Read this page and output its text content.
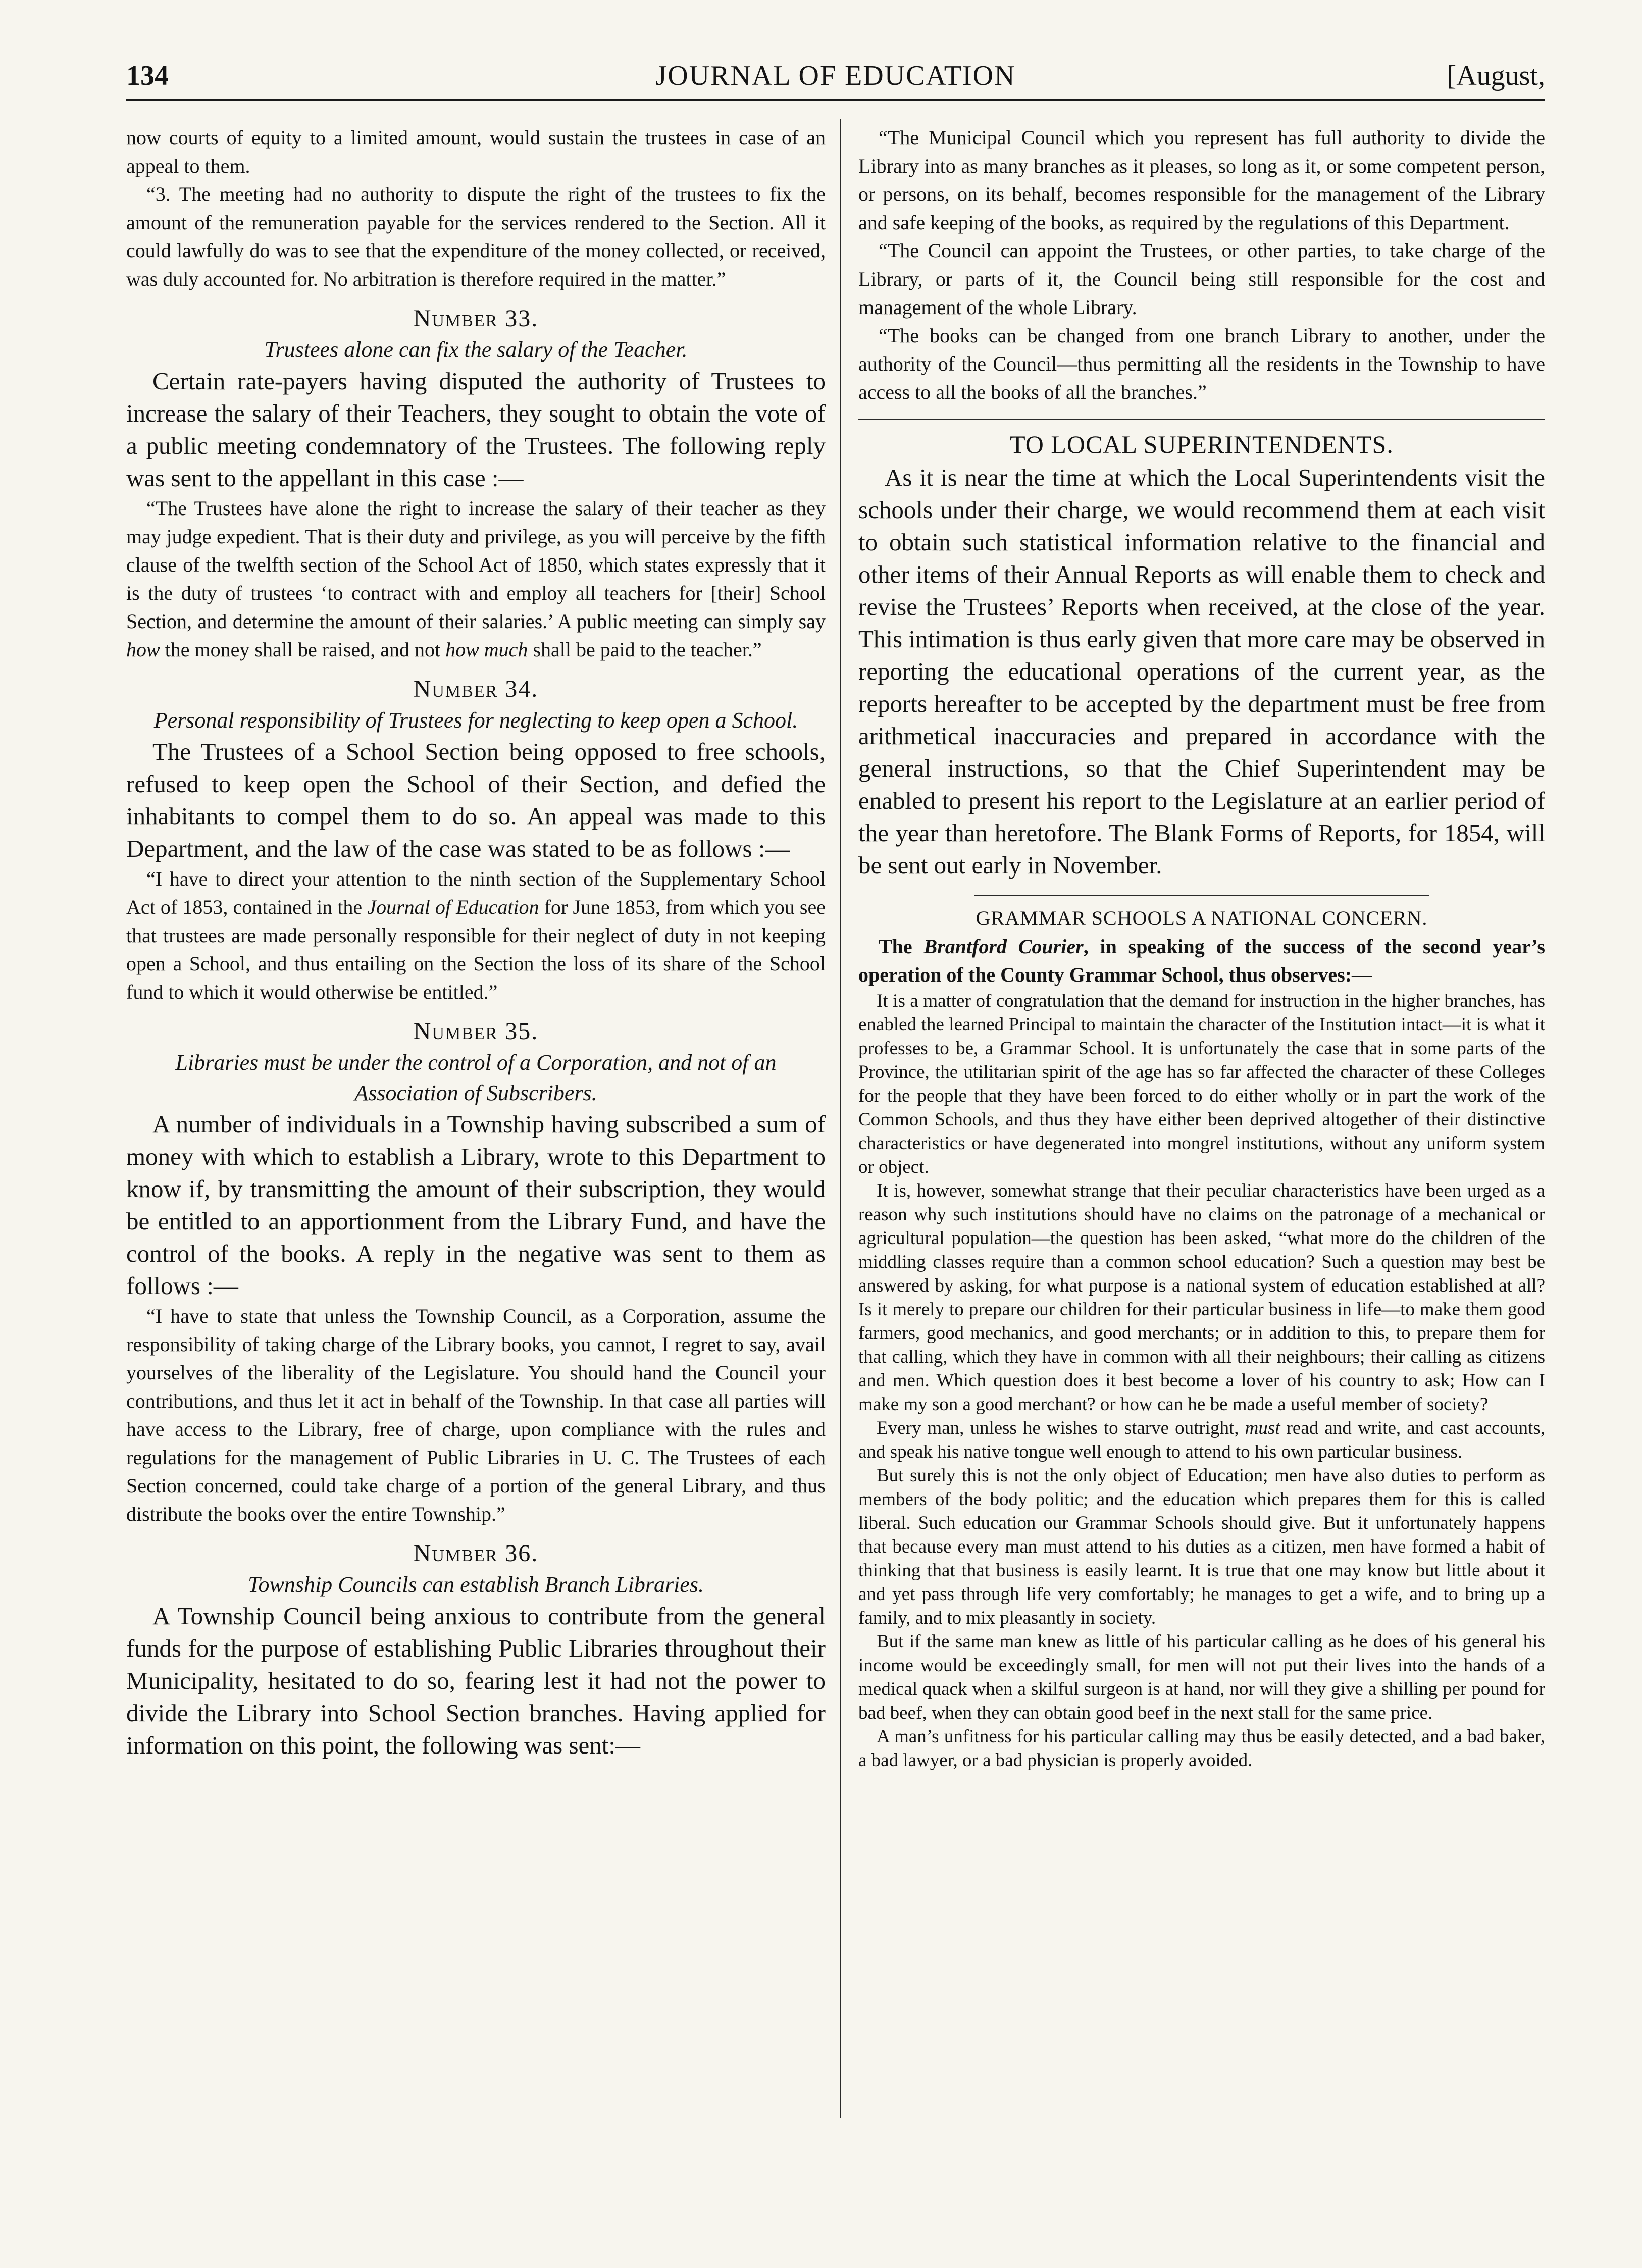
134	JOURNAL OF EDUCATION	[August,

now courts of equity to a limited amount, would sustain the trustees in case of an appeal to them.

“3. The meeting had no authority to dispute the right of the trustees to fix the amount of the remuneration payable for the services rendered to the Section. All it could lawfully do was to see that the expenditure of the money collected, or received, was duly accounted for. No arbitration is therefore required in the matter.”

Number 33.
Trustees alone can fix the salary of the Teacher.

Certain rate-payers having disputed the authority of Trustees to increase the salary of their Teachers, they sought to obtain the vote of a public meeting condemnatory of the Trustees. The following reply was sent to the appellant in this case :—

“The Trustees have alone the right to increase the salary of their teacher as they may judge expedient. That is their duty and privilege, as you will perceive by the fifth clause of the twelfth section of the School Act of 1850, which states expressly that it is the duty of trustees ‘to contract with and employ all teachers for [their] School Section, and determine the amount of their salaries.’ A public meeting can simply say how the money shall be raised, and not how much shall be paid to the teacher.”

Number 34.
Personal responsibility of Trustees for neglecting to keep open a School.

The Trustees of a School Section being opposed to free schools, refused to keep open the School of their Section, and defied the inhabitants to compel them to do so. An appeal was made to this Department, and the law of the case was stated to be as follows :—

“I have to direct your attention to the ninth section of the Supplementary School Act of 1853, contained in the Journal of Education for June 1853, from which you see that trustees are made personally responsible for their neglect of duty in not keeping open a School, and thus entailing on the Section the loss of its share of the School fund to which it would otherwise be entitled.”

Number 35.
Libraries must be under the control of a Corporation, and not of an Association of Subscribers.

A number of individuals in a Township having subscribed a sum of money with which to establish a Library, wrote to this Department to know if, by transmitting the amount of their subscription, they would be entitled to an apportionment from the Library Fund, and have the control of the books. A reply in the negative was sent to them as follows :—

“I have to state that unless the Township Council, as a Corporation, assume the responsibility of taking charge of the Library books, you cannot, I regret to say, avail yourselves of the liberality of the Legislature. You should hand the Council your contributions, and thus let it act in behalf of the Township. In that case all parties will have access to the Library, free of charge, upon compliance with the rules and regulations for the management of Public Libraries in U. C. The Trustees of each Section concerned, could take charge of a portion of the general Library, and thus distribute the books over the entire Township.”

Number 36.
Township Councils can establish Branch Libraries.

A Township Council being anxious to contribute from the general funds for the purpose of establishing Public Libraries throughout their Municipality, hesitated to do so, fearing lest it had not the power to divide the Library into School Section branches. Having applied for information on this point, the following was sent:—

“The Municipal Council which you represent has full authority to divide the Library into as many branches as it pleases, so long as it, or some competent person, or persons, on its behalf, becomes responsible for the management of the Library and safe keeping of the books, as required by the regulations of this Department.

“The Council can appoint the Trustees, or other parties, to take charge of the Library, or parts of it, the Council being still responsible for the cost and management of the whole Library.

“The books can be changed from one branch Library to another, under the authority of the Council—thus permitting all the residents in the Township to have access to all the books of all the branches.”

TO LOCAL SUPERINTENDENTS.

As it is near the time at which the Local Superintendents visit the schools under their charge, we would recommend them at each visit to obtain such statistical information relative to the financial and other items of their Annual Reports as will enable them to check and revise the Trustees’ Reports when received, at the close of the year. This intimation is thus early given that more care may be observed in reporting the educational operations of the current year, as the reports hereafter to be accepted by the department must be free from arithmetical inaccuracies and prepared in accordance with the general instructions, so that the Chief Superintendent may be enabled to present his report to the Legislature at an earlier period of the year than heretofore. The Blank Forms of Reports, for 1854, will be sent out early in November.

GRAMMAR SCHOOLS A NATIONAL CONCERN.

The Brantford Courier, in speaking of the success of the second year’s operation of the County Grammar School, thus observes:—

It is a matter of congratulation that the demand for instruction in the higher branches, has enabled the learned Principal to maintain the character of the Institution intact—it is what it professes to be, a Grammar School. It is unfortunately the case that in some parts of the Province, the utilitarian spirit of the age has so far affected the character of these Colleges for the people that they have been forced to do either wholly or in part the work of the Common Schools, and thus they have either been deprived altogether of their distinctive characteristics or have degenerated into mongrel institutions, without any uniform system or object.

It is, however, somewhat strange that their peculiar characteristics have been urged as a reason why such institutions should have no claims on the patronage of a mechanical or agricultural population—the question has been asked, “what more do the children of the middling classes require than a common school education? Such a question may best be answered by asking, for what purpose is a national system of education established at all? Is it merely to prepare our children for their particular business in life—to make them good farmers, good mechanics, and good merchants; or in addition to this, to prepare them for that calling, which they have in common with all their neighbours; their calling as citizens and men. Which question does it best become a lover of his country to ask; How can I make my son a good merchant? or how can he be made a useful member of society?

Every man, unless he wishes to starve outright, must read and write, and cast accounts, and speak his native tongue well enough to attend to his own particular business.

But surely this is not the only object of Education; men have also duties to perform as members of the body politic; and the education which prepares them for this is called liberal. Such education our Grammar Schools should give. But it unfortunately happens that because every man must attend to his duties as a citizen, men have formed a habit of thinking that that business is easily learnt. It is true that one may know but little about it and yet pass through life very comfortably; he manages to get a wife, and to bring up a family, and to mix pleasantly in society.

But if the same man knew as little of his particular calling as he does of his general his income would be exceedingly small, for men will not put their lives into the hands of a medical quack when a skilful surgeon is at hand, nor will they give a shilling per pound for bad beef, when they can obtain good beef in the next stall for the same price.

A man’s unfitness for his particular calling may thus be easily detected, and a bad baker, a bad lawyer, or a bad physician is properly avoided.
